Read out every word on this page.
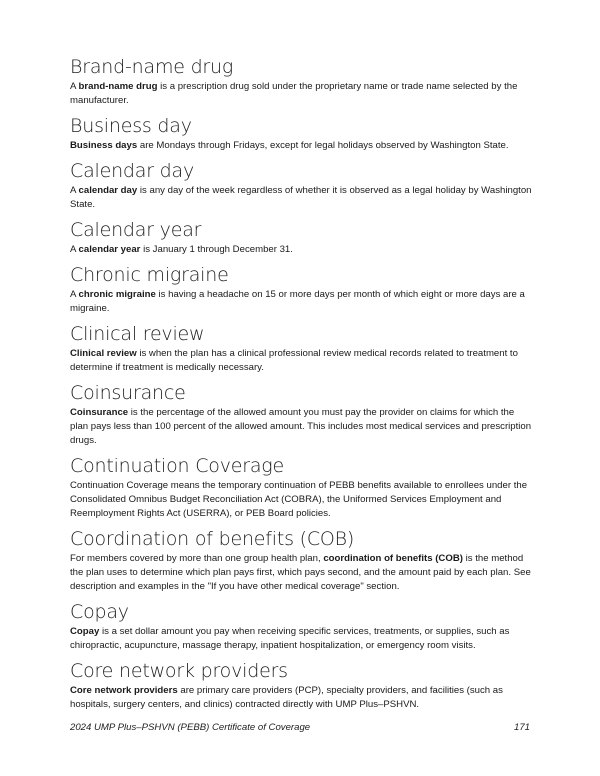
Brand-name drug

A brand-name drug is a prescription drug sold under the proprietary name or trade name selected by the manufacturer.

Business day

Business days are Mondays through Fridays, except for legal holidays observed by Washington State.

Calendar day

A calendar day is any day of the week regardless of whether it is observed as a legal holiday by Washington State.

Calendar year

A calendar year is January 1 through December 31.

Chronic migraine

A chronic migraine is having a headache on 15 or more days per month of which eight or more days are a migraine.

Clinical review

Clinical review is when the plan has a clinical professional review medical records related to treatment to determine if treatment is medically necessary.

Coinsurance

Coinsurance is the percentage of the allowed amount you must pay the provider on claims for which the plan pays less than 100 percent of the allowed amount. This includes most medical services and prescription drugs.

Continuation Coverage

Continuation Coverage means the temporary continuation of PEBB benefits available to enrollees under the Consolidated Omnibus Budget Reconciliation Act (COBRA), the Uniformed Services Employment and Reemployment Rights Act (USERRA), or PEB Board policies.

Coordination of benefits (COB)

For members covered by more than one group health plan, coordination of benefits (COB) is the method the plan uses to determine which plan pays first, which pays second, and the amount paid by each plan. See description and examples in the "If you have other medical coverage" section.

Copay

Copay is a set dollar amount you pay when receiving specific services, treatments, or supplies, such as chiropractic, acupuncture, massage therapy, inpatient hospitalization, or emergency room visits.

Core network providers

Core network providers are primary care providers (PCP), specialty providers, and facilities (such as hospitals, surgery centers, and clinics) contracted directly with UMP Plus–PSHVN.

2024 UMP Plus–PSHVN (PEBB) Certificate of Coverage	171
